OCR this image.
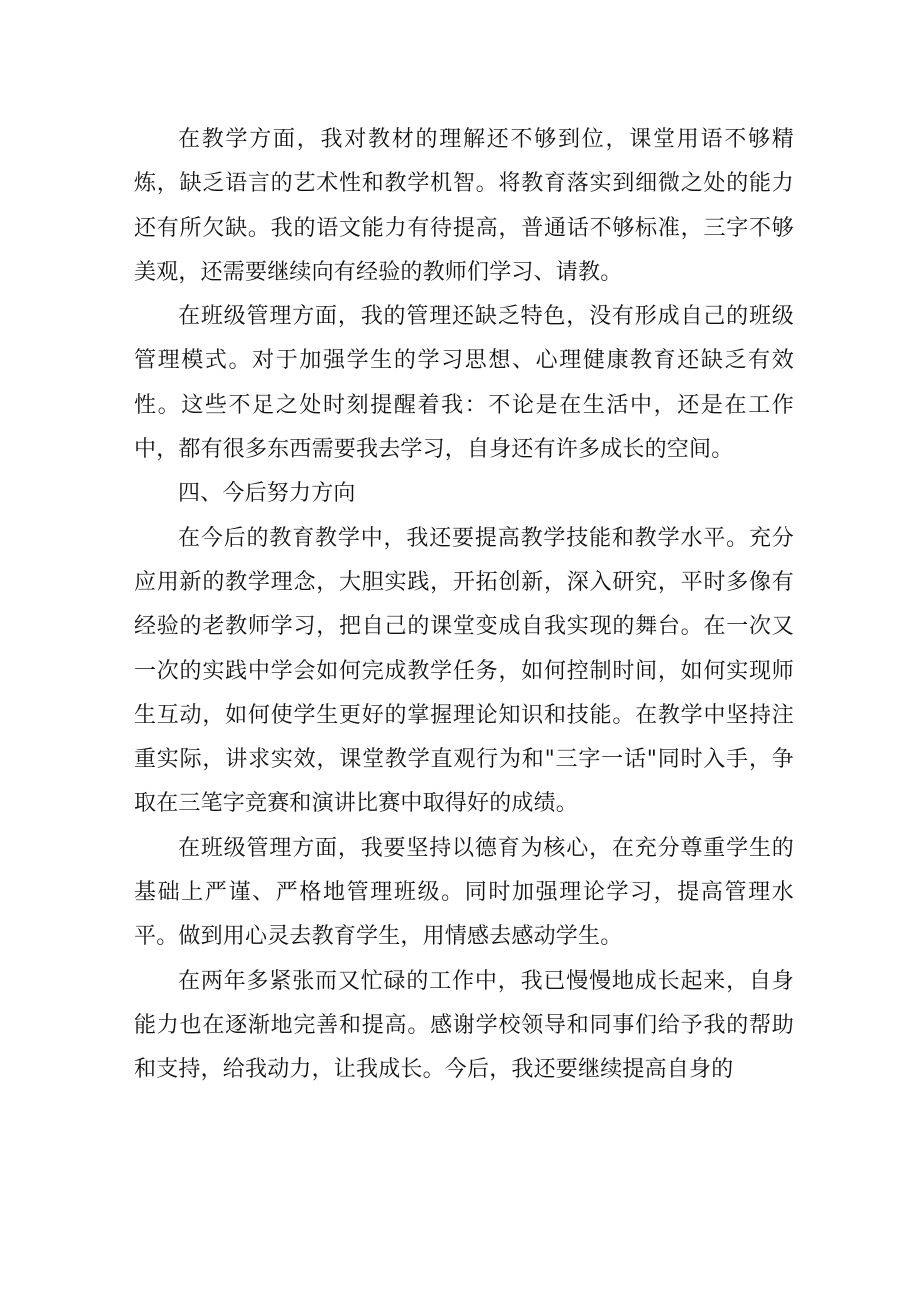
在教学方面，我对教材的理解还不够到位，课堂用语不够精炼，缺乏语言的艺术性和教学机智。将教育落实到细微之处的能力还有所欠缺。我的语文能力有待提高，普通话不够标准，三字不够美观，还需要继续向有经验的教师们学习、请教。

在班级管理方面，我的管理还缺乏特色，没有形成自己的班级管理模式。对于加强学生的学习思想、心理健康教育还缺乏有效性。这些不足之处时刻提醒着我：不论是在生活中，还是在工作中，都有很多东西需要我去学习，自身还有许多成长的空间。

四、今后努力方向

在今后的教育教学中，我还要提高教学技能和教学水平。充分应用新的教学理念，大胆实践，开拓创新，深入研究，平时多像有经验的老教师学习，把自己的课堂变成自我实现的舞台。在一次又一次的实践中学会如何完成教学任务，如何控制时间，如何实现师生互动，如何使学生更好的掌握理论知识和技能。在教学中坚持注重实际，讲求实效，课堂教学直观行为和"三字一话"同时入手，争取在三笔字竞赛和演讲比赛中取得好的成绩。

在班级管理方面，我要坚持以德育为核心，在充分尊重学生的基础上严谨、严格地管理班级。同时加强理论学习，提高管理水平。做到用心灵去教育学生，用情感去感动学生。

在两年多紧张而又忙碌的工作中，我已慢慢地成长起来，自身能力也在逐渐地完善和提高。感谢学校领导和同事们给予我的帮助和支持，给我动力，让我成长。今后，我还要继续提高自身的
